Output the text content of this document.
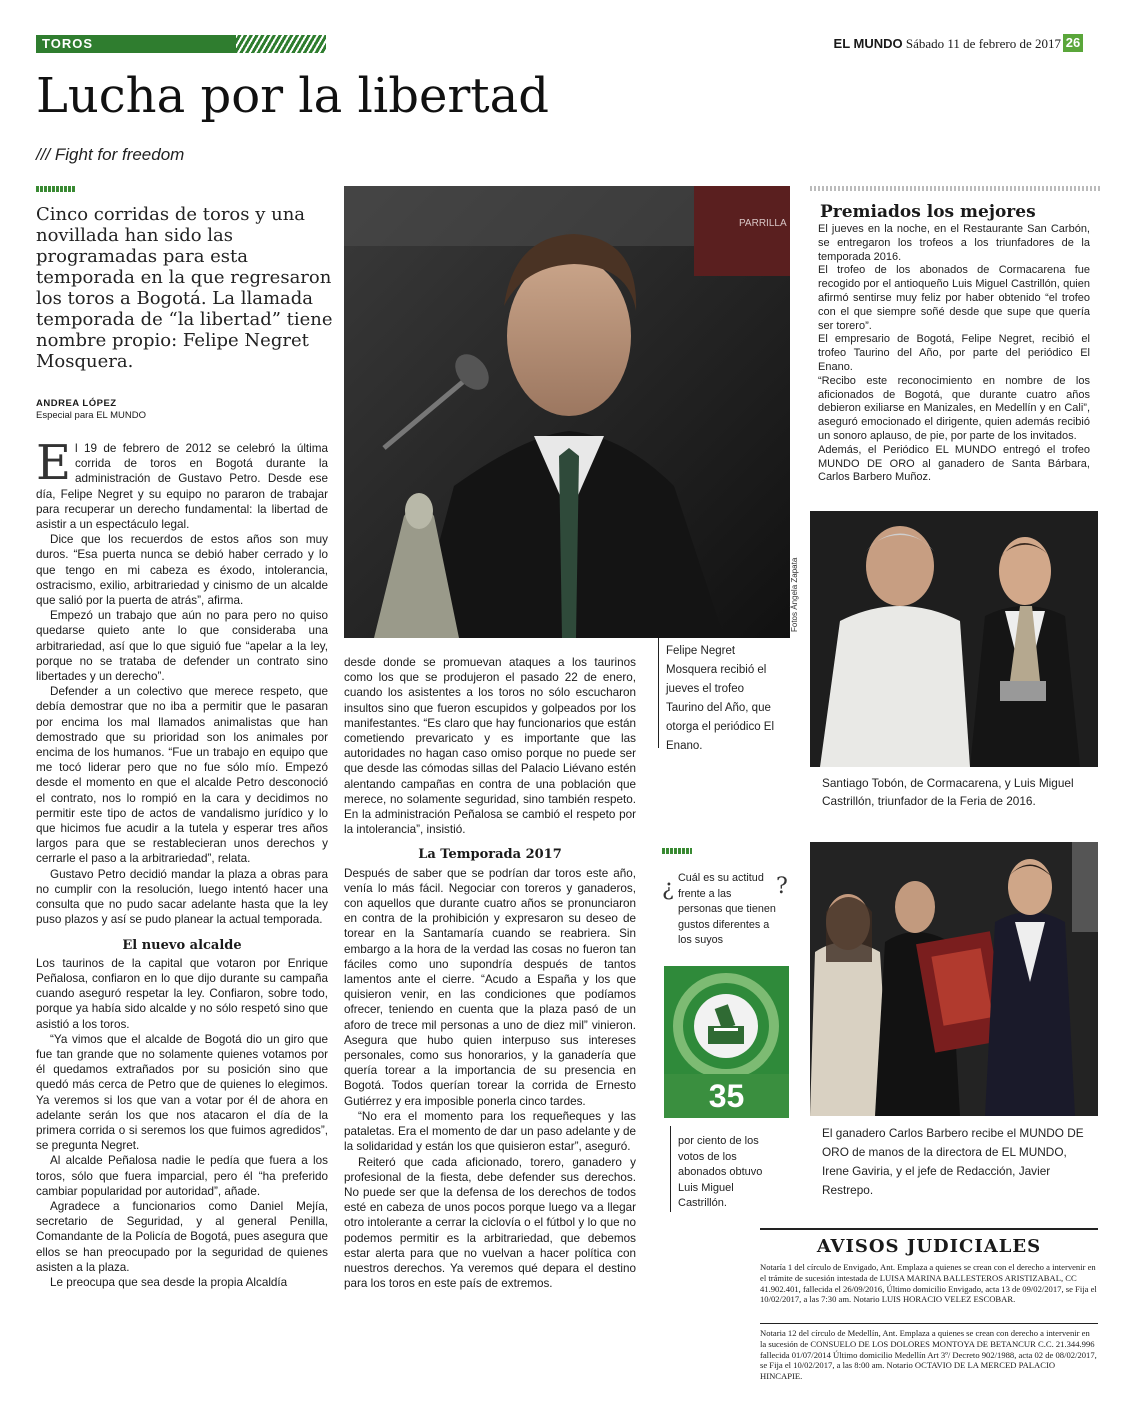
TOROS	EL MUNDO Sábado 11 de febrero de 2017 26
Lucha por la libertad
/// Fight for freedom
Cinco corridas de toros y una novillada han sido las programadas para esta temporada en la que regresaron los toros a Bogotá. La llamada temporada de “la libertad” tiene nombre propio: Felipe Negret Mosquera.
ANDREA LÓPEZ
Especial para EL MUNDO
E l 19 de febrero de 2012 se celebró la última corrida de toros en Bogotá durante la administración de Gustavo Petro. Desde ese día, Felipe Negret y su equipo no pararon de trabajar para recuperar un derecho fundamental: la libertad de asistir a un espectáculo legal.

Dice que los recuerdos de estos años son muy duros. “Esa puerta nunca se debió haber cerrado y lo que tengo en mi cabeza es éxodo, intolerancia, ostracismo, exilio, arbitrariedad y cinismo de un alcalde que salió por la puerta de atrás”, afirma.

Empezó un trabajo que aún no para pero no quiso quedarse quieto ante lo que consideraba una arbitrariedad, así que lo que siguió fue “apelar a la ley, porque no se trataba de defender un contrato sino libertades y un derecho”.

Defender a un colectivo que merece respeto, que debía demostrar que no iba a permitir que le pasaran por encima los mal llamados animalistas que han demostrado que su prioridad son los animales por encima de los humanos. “Fue un trabajo en equipo que me tocó liderar pero que no fue sólo mío. Empezó desde el momento en que el alcalde Petro desconoció el contrato, nos lo rompió en la cara y decidimos no permitir este tipo de actos de vandalismo jurídico y lo que hicimos fue acudir a la tutela y esperar tres años largos para que se restablecieran unos derechos y cerrarle el paso a la arbitrariedad”, relata.

Gustavo Petro decidió mandar la plaza a obras para no cumplir con la resolución, luego intentó hacer una consulta que no pudo sacar adelante hasta que la ley puso plazos y así se pudo planear la actual temporada.

El nuevo alcalde

Los taurinos de la capital que votaron por Enrique Peñalosa, confiaron en lo que dijo durante su campaña cuando aseguró respetar la ley. Confiaron, sobre todo, porque ya había sido alcalde y no sólo respetó sino que asistió a los toros.

“Ya vimos que el alcalde de Bogotá dio un giro que fue tan grande que no solamente quienes votamos por él quedamos extrañados por su posición sino que quedó más cerca de Petro que de quienes lo elegimos. Ya veremos si los que van a votar por él de ahora en adelante serán los que nos atacaron el día de la primera corrida o si seremos los que fuimos agredidos”, se pregunta Negret.

Al alcalde Peñalosa nadie le pedía que fuera a los toros, sólo que fuera imparcial, pero él “ha preferido cambiar popularidad por autoridad”, añade.

Agradece a funcionarios como Daniel Mejía, secretario de Seguridad, y al general Penilla, Comandante de la Policía de Bogotá, pues asegura que ellos se han preocupado por la seguridad de quienes asisten a la plaza.

Le preocupa que sea desde la propia Alcaldía

PARRILLA
Fotos Ángela Zapata
Felipe Negret Mosquera recibió el jueves el trofeo Taurino del Año, que otorga el periódico El Enano.

desde donde se promuevan ataques a los taurinos como los que se produjeron el pasado 22 de enero, cuando los asistentes a los toros no sólo escucharon insultos sino que fueron escupidos y golpeados por los manifestantes. “Es claro que hay funcionarios que están cometiendo prevaricato y es importante que las autoridades no hagan caso omiso porque no puede ser que desde las cómodas sillas del Palacio Liévano estén alentando campañas en contra de una población que merece, no solamente seguridad, sino también respeto. En la administración Peñalosa se cambió el respeto por la intolerancia”, insistió.

La Temporada 2017

Después de saber que se podrían dar toros este año, venía lo más fácil. Negociar con toreros y ganaderos, con aquellos que durante cuatro años se pronunciaron en contra de la prohibición y expresaron su deseo de torear en la Santamaría cuando se reabriera. Sin embargo a la hora de la verdad las cosas no fueron tan fáciles como uno supondría después de tantos lamentos ante el cierre. “Acudo a España y los que quisieron venir, en las condiciones que podíamos ofrecer, teniendo en cuenta que la plaza pasó de un aforo de trece mil personas a uno de diez mil” vinieron. Asegura que hubo quien interpuso sus intereses personales, como sus honorarios, y la ganadería que quería torear a la importancia de su presencia en Bogotá. Todos querían torear la corrida de Ernesto Gutiérrez y era imposible ponerla cinco tardes.

“No era el momento para los requeñeques y las pataletas. Era el momento de dar un paso adelante y de la solidaridad y están los que quisieron estar”, aseguró.

Reiteró que cada aficionado, torero, ganadero y profesional de la fiesta, debe defender sus derechos. No puede ser que la defensa de los derechos de todos esté en cabeza de unos pocos porque luego va a llegar otro intolerante a cerrar la ciclovía o el fútbol y lo que no podemos permitir es la arbitrariedad, que debemos estar alerta para que no vuelvan a hacer política con nuestros derechos. Ya veremos qué depara el destino para los toros en este país de extremos.

¿ Cuál es su actitud frente a las personas que tienen gustos diferentes a los suyos
?
35
por ciento de los votos de los abonados obtuvo Luis Miguel Castrillón.
Premiados los mejores

El jueves en la noche, en el Restaurante San Carbón, se entregaron los trofeos a los triunfadores de la temporada 2016.

El trofeo de los abonados de Cormacarena fue recogido por el antioqueño Luis Miguel Castrillón, quien afirmó sentirse muy feliz por haber obtenido “el trofeo con el que siempre soñé desde que supe que quería ser torero”.

El empresario de Bogotá, Felipe Negret, recibió el trofeo Taurino del Año, por parte del periódico El Enano.

“Recibo este reconocimiento en nombre de los aficionados de Bogotá, que durante cuatro años debieron exiliarse en Manizales, en Medellín y en Cali”, aseguró emocionado el dirigente, quien además recibió un sonoro aplauso, de pie, por parte de los invitados.

Además, el Periódico EL MUNDO entregó el trofeo MUNDO DE ORO al ganadero de Santa Bárbara, Carlos Barbero Muñoz.

Santiago Tobón, de Cormacarena, y Luis Miguel Castrillón, triunfador de la Feria de 2016.
El ganadero Carlos Barbero recibe el MUNDO DE ORO de manos de la directora de EL MUNDO, Irene Gaviria, y el jefe de Redacción, Javier Restrepo.
AVISOS JUDICIALES
Notaría 1 del círculo de Envigado, Ant. Emplaza a quienes se crean con el derecho a intervenir en el trámite de sucesión intestada de LUISA MARINA BALLESTEROS ARISTIZABAL, CC 41.902.401, fallecida el 26/09/2016, Último domicilio Envigado, acta 13 de 09/02/2017, se Fija el 10/02/2017, a las 7:30 am. Notario LUIS HORACIO VELEZ ESCOBAR.
Notaria 12 del círculo de Medellín, Ant. Emplaza a quienes se crean con derecho a intervenir en la sucesión de CONSUELO DE LOS DOLORES MONTOYA DE BETANCUR C.C. 21.344.996 fallecida 01/07/2014 Último domicilio Medellín Art 3º/ Decreto 902/1988, acta 02 de 08/02/2017, se Fija el 10/02/2017, a las 8:00 am. Notario OCTAVIO DE LA MERCED PALACIO HINCAPIE.
